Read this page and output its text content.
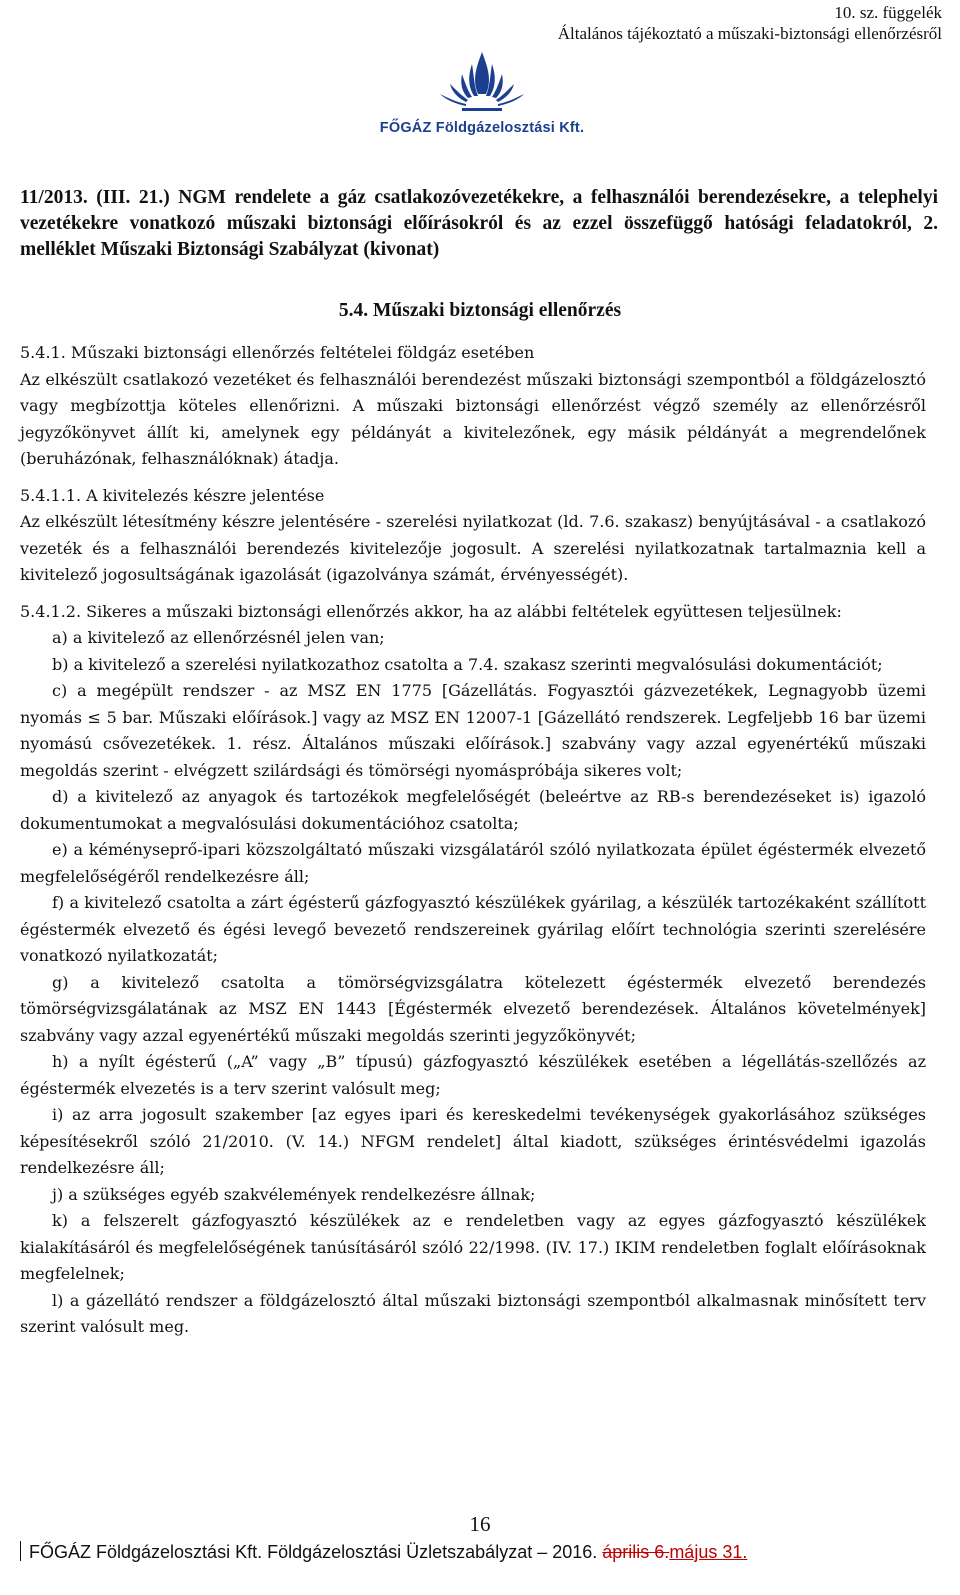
10. sz. függelék
Általános tájékoztató a műszaki-biztonsági ellenőrzésről
FŐGÁZ Földgázelosztási Kft.
11/2013. (III. 21.) NGM rendelete a gáz csatlakozóvezetékekre, a felhasználói berendezésekre, a telephelyi vezetékekre vonatkozó műszaki biztonsági előírásokról és az ezzel összefüggő hatósági feladatokról, 2. melléklet Műszaki Biztonsági Szabályzat (kivonat)
5.4. Műszaki biztonsági ellenőrzés

5.4.1. Műszaki biztonsági ellenőrzés feltételei földgáz esetében

Az elkészült csatlakozó vezetéket és felhasználói berendezést műszaki biztonsági szempontból a földgázelosztó vagy megbízottja köteles ellenőrizni. A műszaki biztonsági ellenőrzést végző személy az ellenőrzésről jegyzőkönyvet állít ki, amelynek egy példányát a kivitelezőnek, egy másik példányát a megrendelőnek (beruházónak, felhasználóknak) átadja.

5.4.1.1. A kivitelezés készre jelentése

Az elkészült létesítmény készre jelentésére - szerelési nyilatkozat (ld. 7.6. szakasz) benyújtásával - a csatlakozó vezeték és a felhasználói berendezés kivitelezője jogosult. A szerelési nyilatkozatnak tartalmaznia kell a kivitelező jogosultságának igazolását (igazolványa számát, érvényességét).

5.4.1.2. Sikeres a műszaki biztonsági ellenőrzés akkor, ha az alábbi feltételek együttesen teljesülnek:

a) a kivitelező az ellenőrzésnél jelen van;

b) a kivitelező a szerelési nyilatkozathoz csatolta a 7.4. szakasz szerinti megvalósulási dokumentációt;

c) a megépült rendszer - az MSZ EN 1775 [Gázellátás. Fogyasztói gázvezetékek, Legnagyobb üzemi nyomás ≤ 5 bar. Műszaki előírások.] vagy az MSZ EN 12007-1 [Gázellátó rendszerek. Legfeljebb 16 bar üzemi nyomású csővezetékek. 1. rész. Általános műszaki előírások.] szabvány vagy azzal egyenértékű műszaki megoldás szerint - elvégzett szilárdsági és tömörségi nyomáspróbája sikeres volt;

d) a kivitelező az anyagok és tartozékok megfelelőségét (beleértve az RB-s berendezéseket is) igazoló dokumentumokat a megvalósulási dokumentációhoz csatolta;

e) a kéményseprő-ipari közszolgáltató műszaki vizsgálatáról szóló nyilatkozata épület égéstermék elvezető megfelelőségéről rendelkezésre áll;

f) a kivitelező csatolta a zárt égésterű gázfogyasztó készülékek gyárilag, a készülék tartozékaként szállított égéstermék elvezető és égési levegő bevezető rendszereinek gyárilag előírt technológia szerinti szerelésére vonatkozó nyilatkozatát;

g) a kivitelező csatolta a tömörségvizsgálatra kötelezett égéstermék elvezető berendezés tömörségvizsgálatának az MSZ EN 1443 [Égéstermék elvezető berendezések. Általános követelmények] szabvány vagy azzal egyenértékű műszaki megoldás szerinti jegyzőkönyvét;

h) a nyílt égésterű („A” vagy „B” típusú) gázfogyasztó készülékek esetében a légellátás-szellőzés az égéstermék elvezetés is a terv szerint valósult meg;

i) az arra jogosult szakember [az egyes ipari és kereskedelmi tevékenységek gyakorlásához szükséges képesítésekről szóló 21/2010. (V. 14.) NFGM rendelet] által kiadott, szükséges érintésvédelmi igazolás rendelkezésre áll;

j) a szükséges egyéb szakvélemények rendelkezésre állnak;

k) a felszerelt gázfogyasztó készülékek az e rendeletben vagy az egyes gázfogyasztó készülékek kialakításáról és megfelelőségének tanúsításáról szóló 22/1998. (IV. 17.) IKIM rendeletben foglalt előírásoknak megfelelnek;

l) a gázellátó rendszer a földgázelosztó által műszaki biztonsági szempontból alkalmasnak minősített terv szerint valósult meg.

16
FŐGÁZ Földgázelosztási Kft. Földgázelosztási Üzletszabályzat – 2016. április 6.május 31.
